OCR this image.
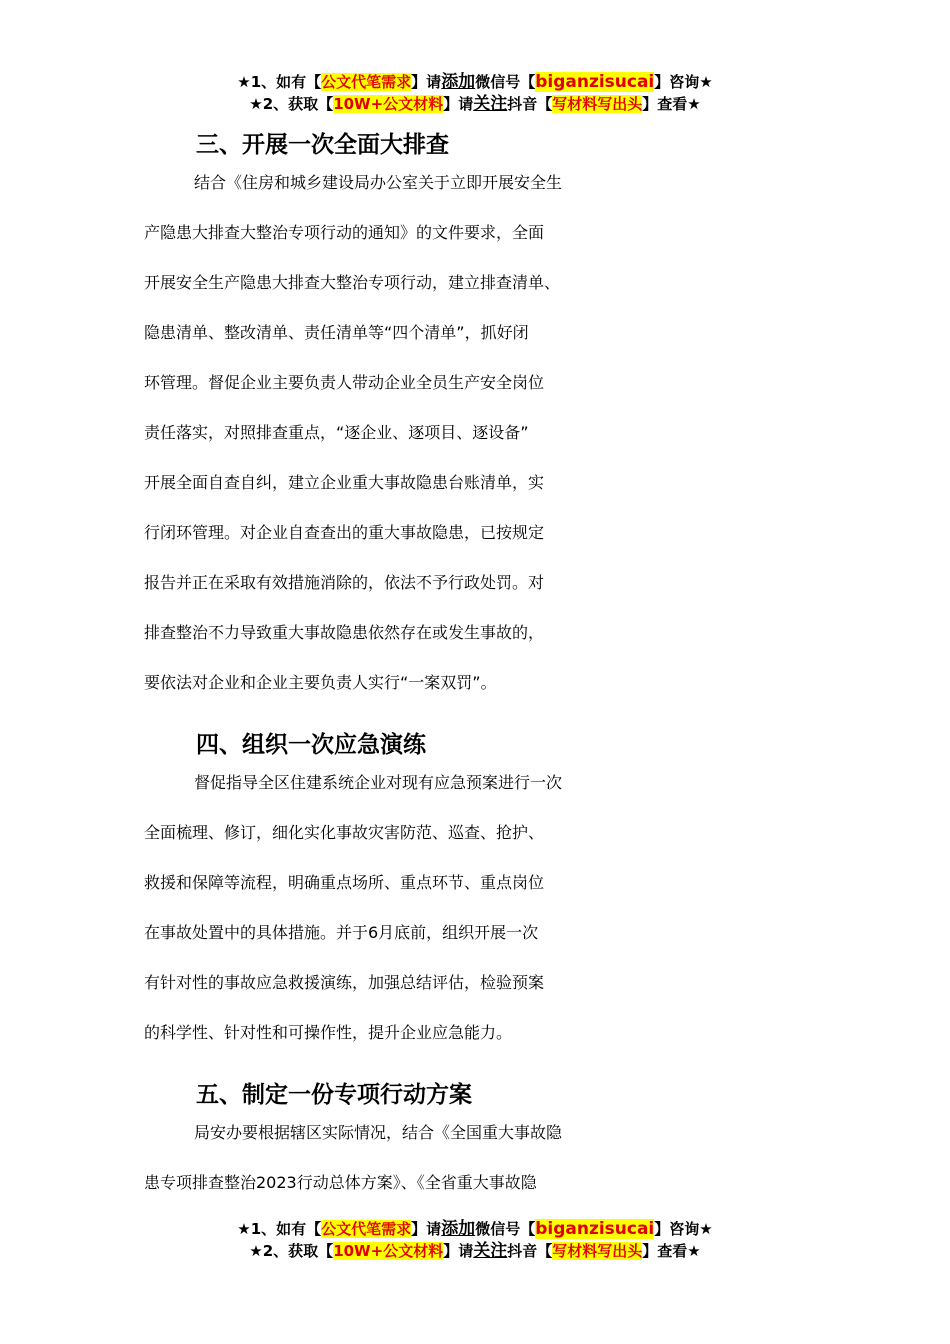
★1、如有【公文代笔需求】请添加微信号【biganzisucai】咨询★
★2、获取【10W+公文材料】请关注抖音【写材料写出头】查看★
三、开展一次全面大排查
结合《住房和城乡建设局办公室关于立即开展安全生
产隐患大排查大整治专项行动的通知》的文件要求，全面
开展安全生产隐患大排查大整治专项行动，建立排查清单、
隐患清单、整改清单、责任清单等“四个清单”，抓好闭
环管理。督促企业主要负责人带动企业全员生产安全岗位
责任落实，对照排查重点，“逐企业、逐项目、逐设备”
开展全面自查自纠，建立企业重大事故隐患台账清单，实
行闭环管理。对企业自查查出的重大事故隐患，已按规定
报告并正在采取有效措施消除的，依法不予行政处罚。对
排查整治不力导致重大事故隐患依然存在或发生事故的，
要依法对企业和企业主要负责人实行“一案双罚”。
四、组织一次应急演练
督促指导全区住建系统企业对现有应急预案进行一次
全面梳理、修订，细化实化事故灾害防范、巡查、抢护、
救援和保障等流程，明确重点场所、重点环节、重点岗位
在事故处置中的具体措施。并于6月底前，组织开展一次
有针对性的事故应急救援演练，加强总结评估，检验预案
的科学性、针对性和可操作性，提升企业应急能力。
五、制定一份专项行动方案
局安办要根据辖区实际情况，结合《全国重大事故隐
患专项排查整治2023行动总体方案》、《全省重大事故隐
★1、如有【公文代笔需求】请添加微信号【biganzisucai】咨询★
★2、获取【10W+公文材料】请关注抖音【写材料写出头】查看★
